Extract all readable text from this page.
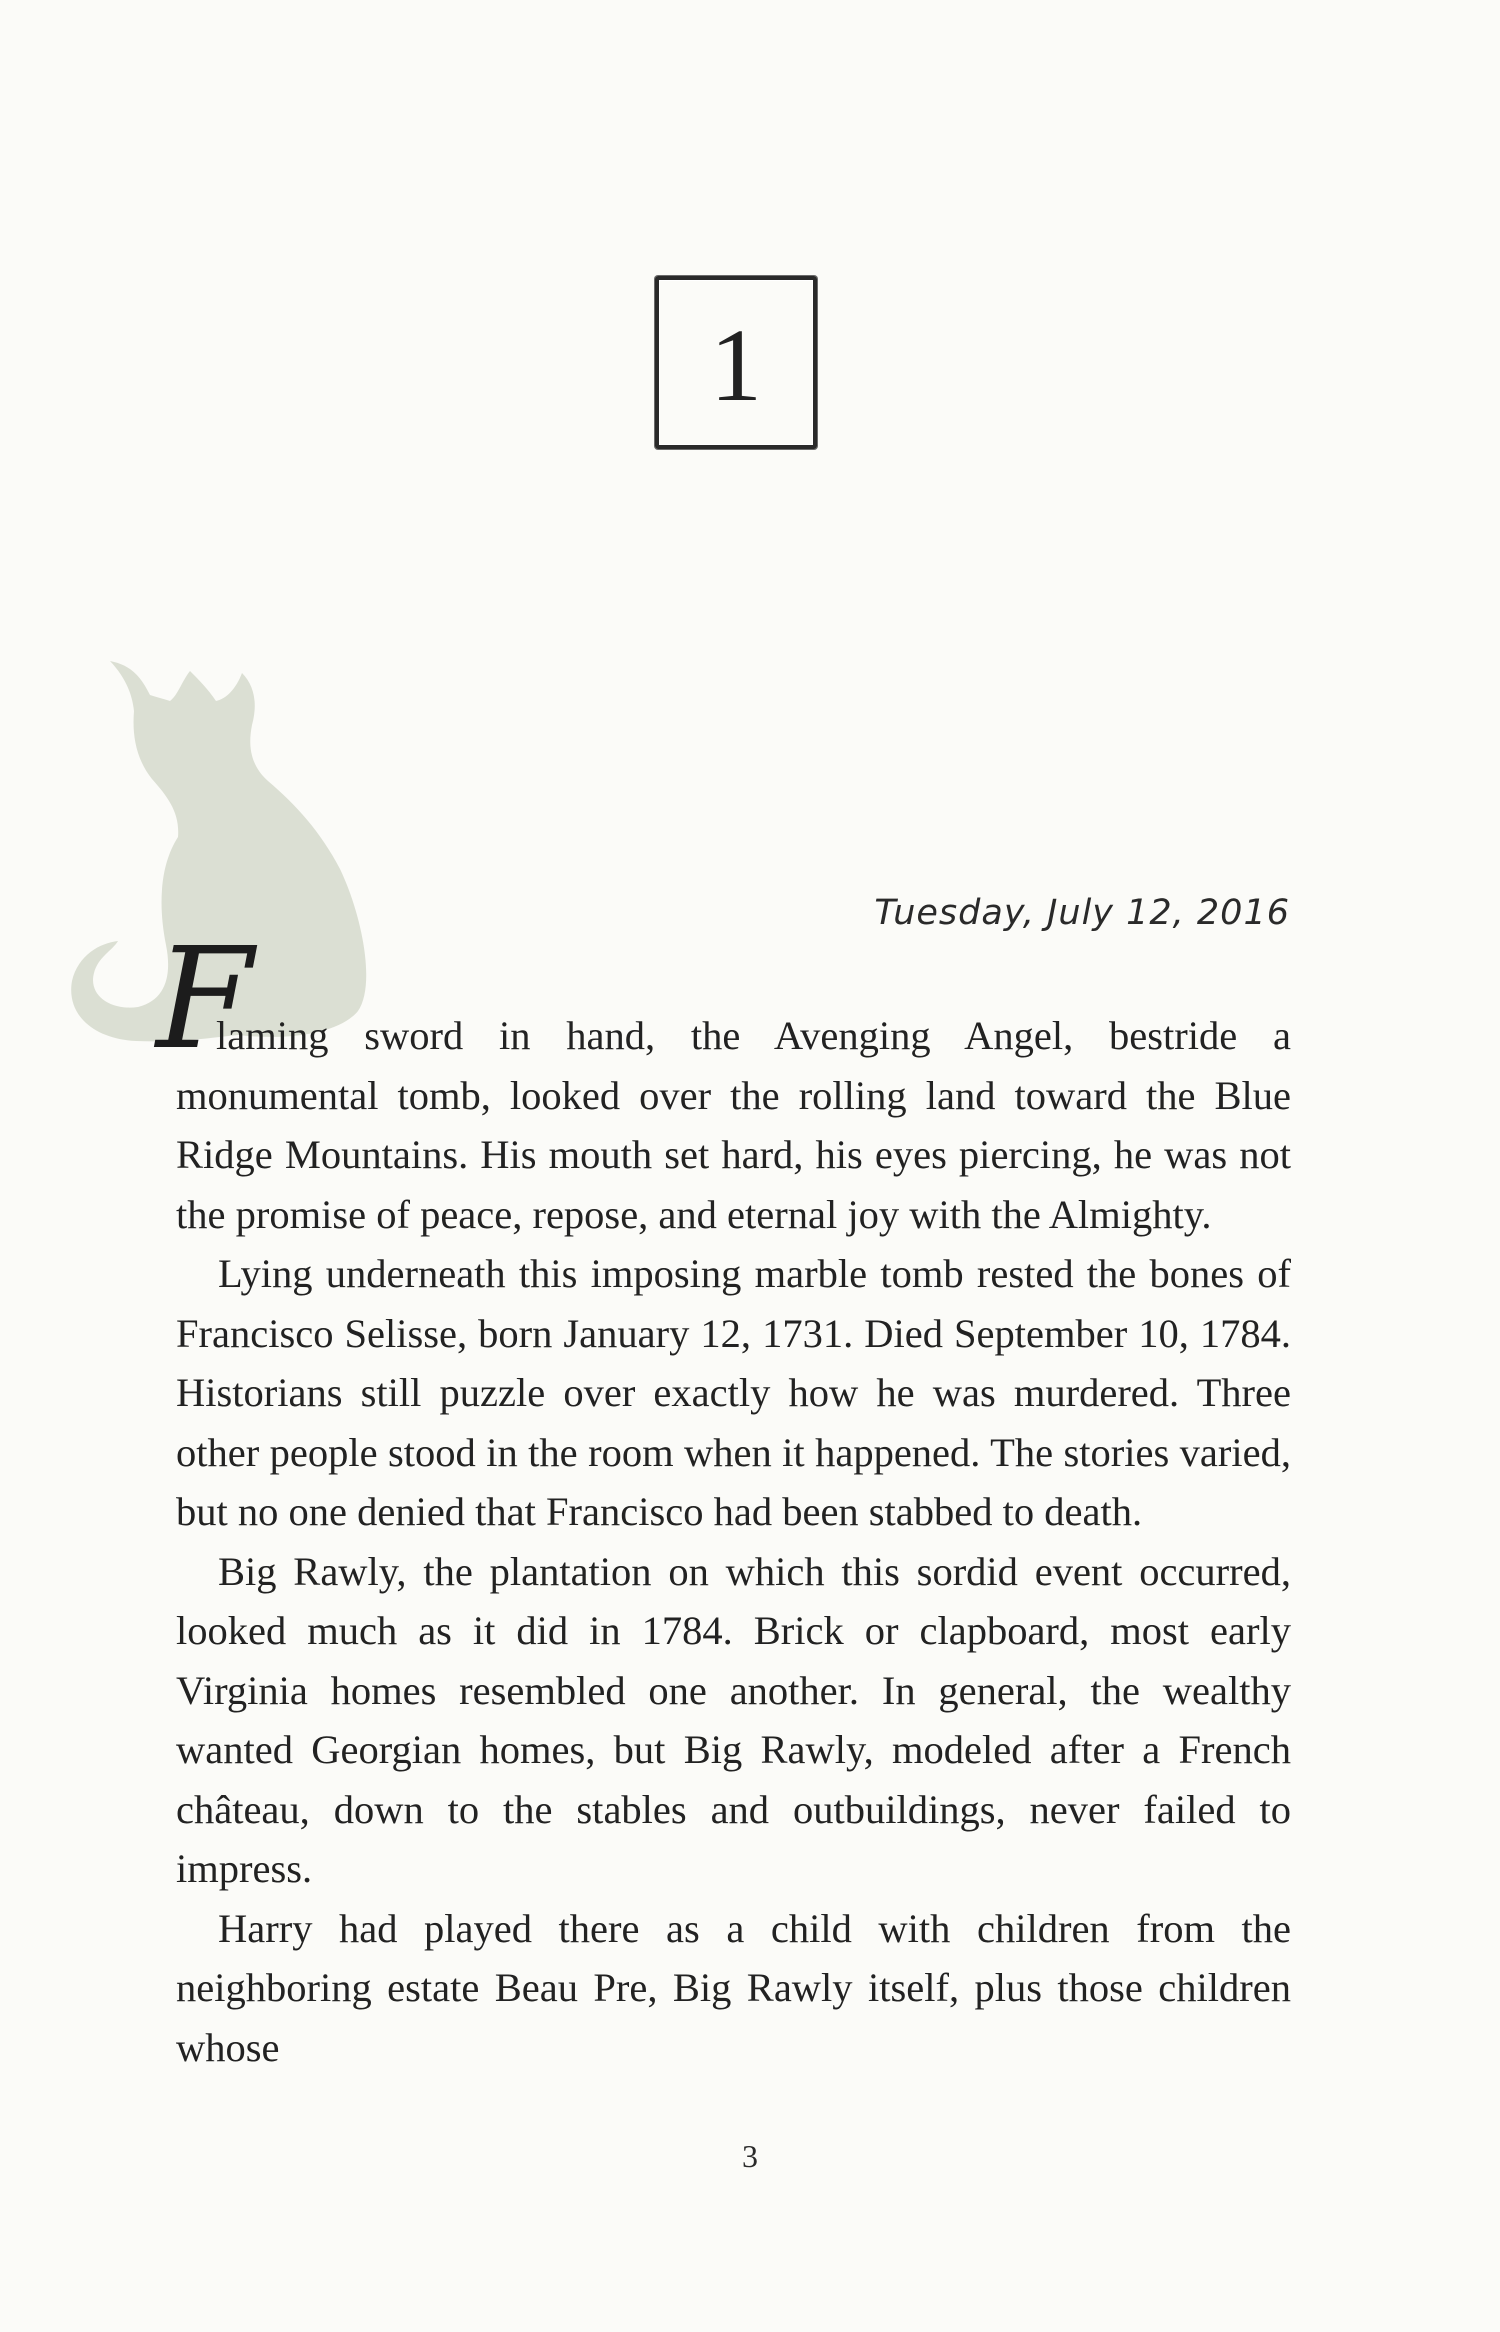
1
Tuesday, July 12, 2016
F

laming sword in hand, the Avenging Angel, bestride a monumental tomb, looked over the rolling land toward the Blue Ridge Mountains. His mouth set hard, his eyes piercing, he was not the promise of peace, repose, and eternal joy with the Almighty.

Lying underneath this imposing marble tomb rested the bones of Francisco Selisse, born January 12, 1731. Died September 10, 1784. Historians still puzzle over exactly how he was murdered. Three other people stood in the room when it happened. The stories varied, but no one denied that Francisco had been stabbed to death.

Big Rawly, the plantation on which this sordid event occurred, looked much as it did in 1784. Brick or clapboard, most early Virginia homes resembled one another. In general, the wealthy wanted Georgian homes, but Big Rawly, modeled after a French château, down to the stables and outbuildings, never failed to impress.

Harry had played there as a child with children from the neighboring estate Beau Pre, Big Rawly itself, plus those children whose

3
